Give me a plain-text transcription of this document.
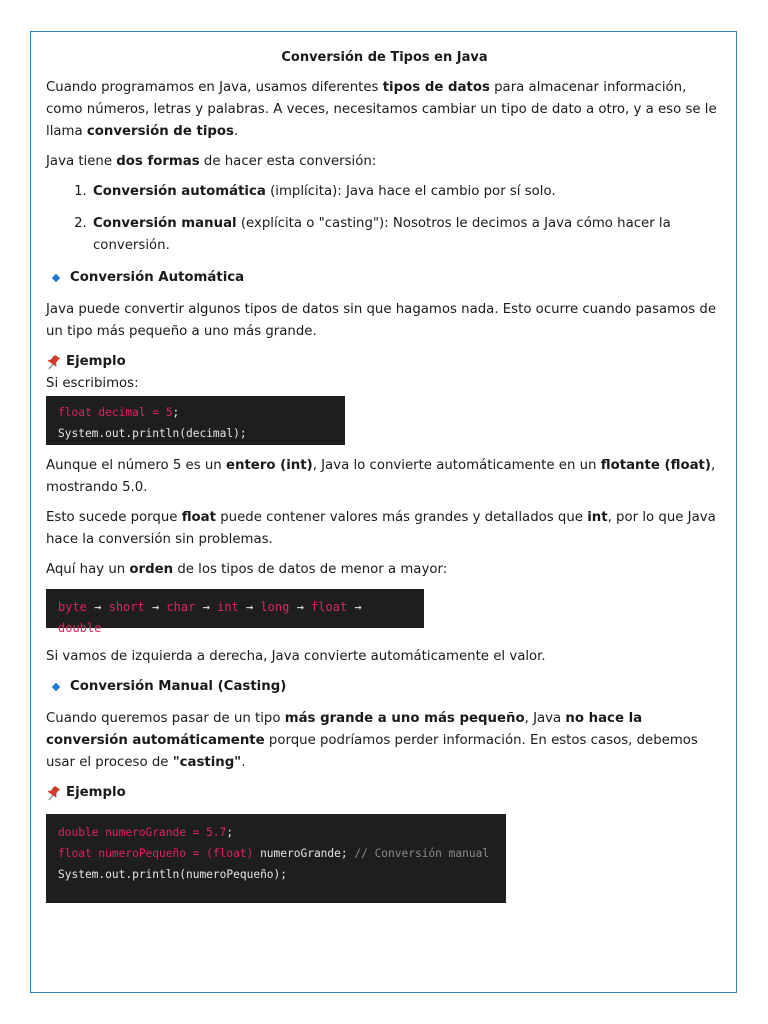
Conversión de Tipos en Java

Cuando programamos en Java, usamos diferentes tipos de datos para almacenar información, como números, letras y palabras. A veces, necesitamos cambiar un tipo de dato a otro, y a eso se le llama conversión de tipos.

Java tiene dos formas de hacer esta conversión:

1. Conversión automática (implícita): Java hace el cambio por sí solo.
2. Conversión manual (explícita o "casting"): Nosotros le decimos a Java cómo hacer la conversión.
Conversión Automática

Java puede convertir algunos tipos de datos sin que hagamos nada. Esto ocurre cuando pasamos de un tipo más pequeño a uno más grande.

Ejemplo
Si escribimos:
float decimal = 5;
System.out.println(decimal);

Aunque el número 5 es un entero (int), Java lo convierte automáticamente en un flotante (float), mostrando 5.0.

Esto sucede porque float puede contener valores más grandes y detallados que int, por lo que Java hace la conversión sin problemas.

Aquí hay un orden de los tipos de datos de menor a mayor:

byte → short → char → int → long → float → double

Si vamos de izquierda a derecha, Java convierte automáticamente el valor.

Conversión Manual (Casting)

Cuando queremos pasar de un tipo más grande a uno más pequeño, Java no hace la conversión automáticamente porque podríamos perder información. En estos casos, debemos usar el proceso de "casting".

Ejemplo
double numeroGrande = 5.7;
float numeroPequeño = (float) numeroGrande; // Conversión manual
System.out.println(numeroPequeño);
